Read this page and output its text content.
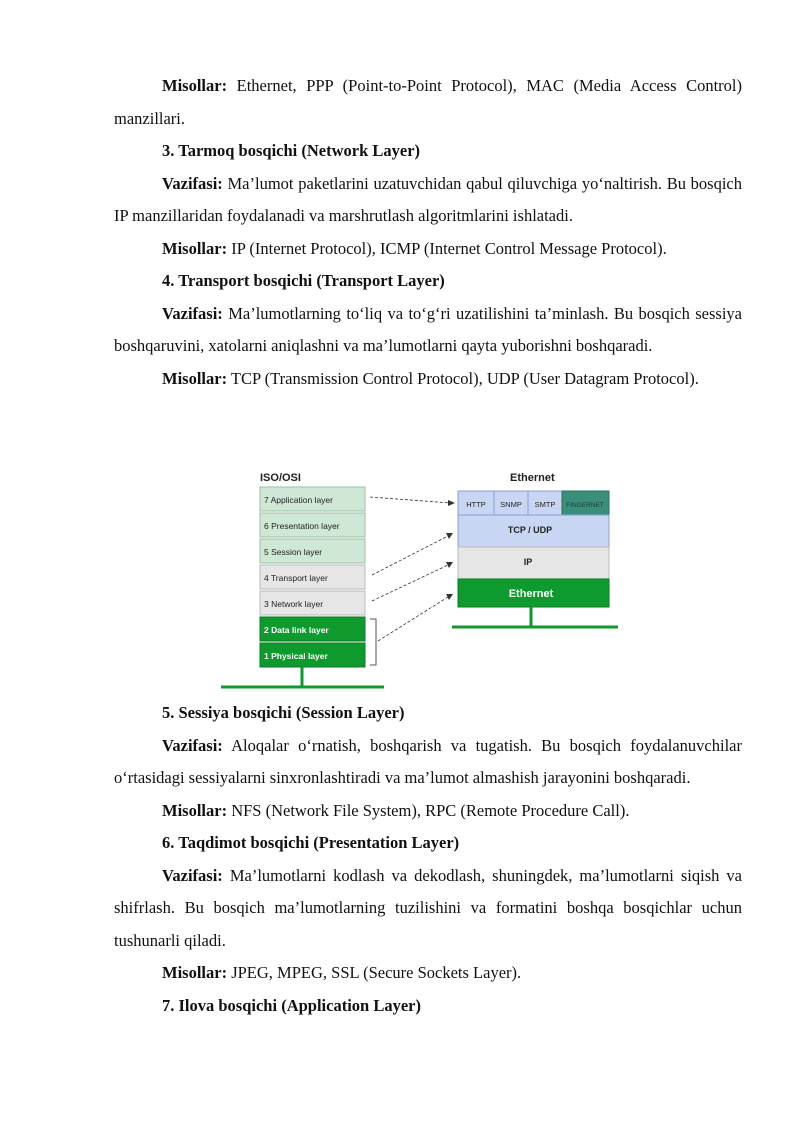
Misollar: Ethernet, PPP (Point-to-Point Protocol), MAC (Media Access Control) manzillari.

3. Tarmoq bosqichi (Network Layer)

Vazifasi: Ma’lumot paketlarini uzatuvchidan qabul qiluvchiga yo‘naltirish. Bu bosqich IP manzillaridan foydalanadi va marshrutlash algoritmlarini ishlatadi.

Misollar: IP (Internet Protocol), ICMP (Internet Control Message Protocol).

4. Transport bosqichi (Transport Layer)

Vazifasi: Ma’lumotlarning to‘liq va to‘g‘ri uzatilishini ta’minlash. Bu bosqich sessiya boshqaruvini, xatolarni aniqlashni va ma’lumotlarni qayta yuborishni boshqaradi.

Misollar: TCP (Transmission Control Protocol), UDP (User Datagram Protocol).

ISO/OSI	Ethernet
7 Application layer
6 Presentation layer
5 Session layer
4 Transport layer
3 Network layer
2 Data link layer
1 Physical layer
HTTP SNMP SMTP FINGERNET
TCP / UDP
IP
Ethernet

5. Sessiya bosqichi (Session Layer)

Vazifasi: Aloqalar o‘rnatish, boshqarish va tugatish. Bu bosqich foydalanuvchilar o‘rtasidagi sessiyalarni sinxronlashtiradi va ma’lumot almashish jarayonini boshqaradi.

Misollar: NFS (Network File System), RPC (Remote Procedure Call).

6. Taqdimot bosqichi (Presentation Layer)

Vazifasi: Ma’lumotlarni kodlash va dekodlash, shuningdek, ma’lumotlarni siqish va shifrlash. Bu bosqich ma’lumotlarning tuzilishini va formatini boshqa bosqichlar uchun tushunarli qiladi.

Misollar: JPEG, MPEG, SSL (Secure Sockets Layer).

7. Ilova bosqichi (Application Layer)
